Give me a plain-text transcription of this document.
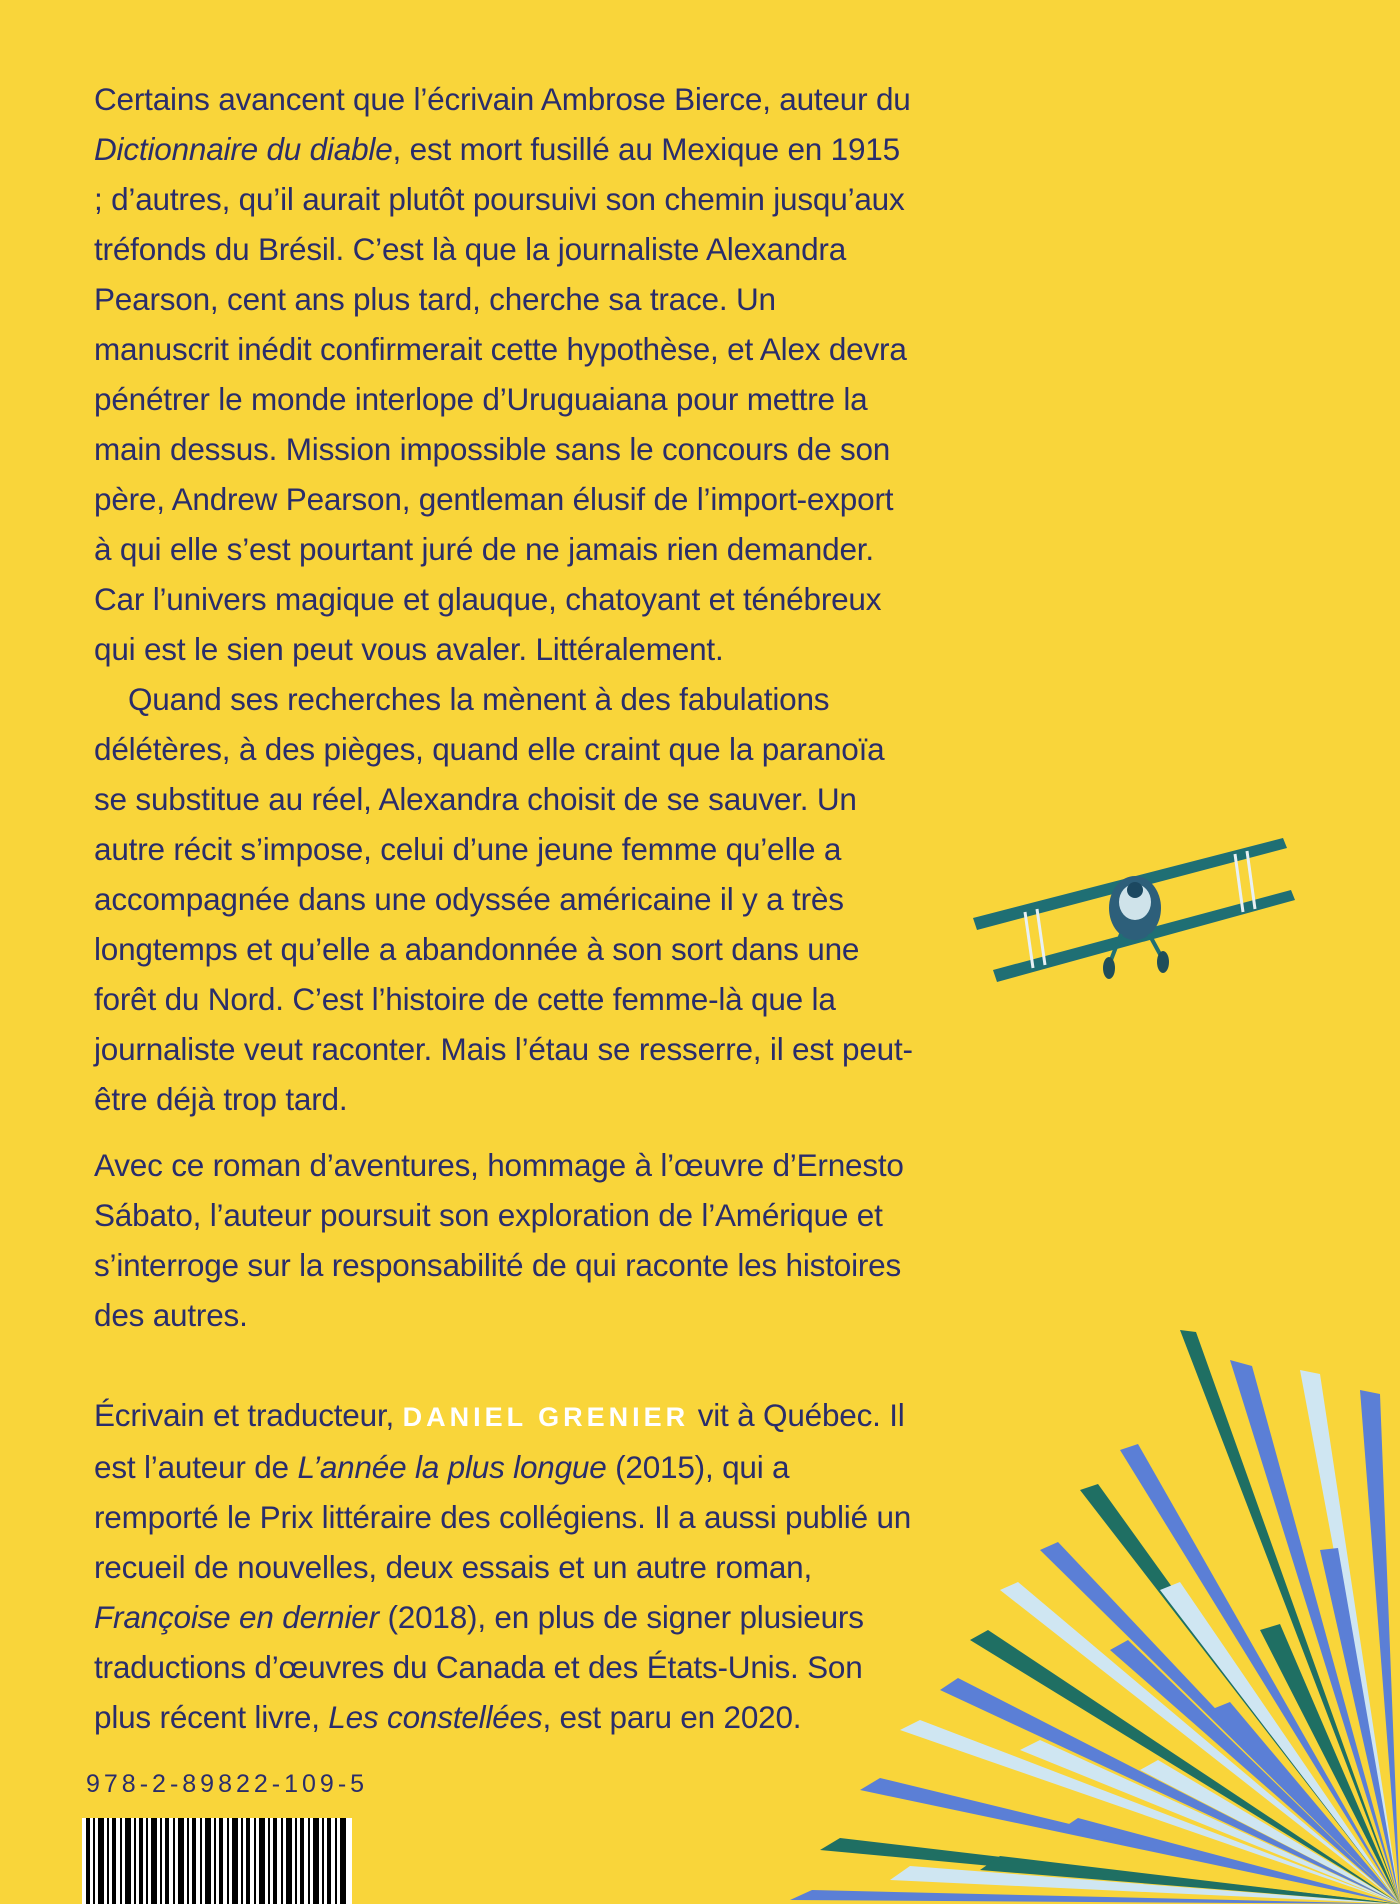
Certains avancent que l’écrivain Ambrose Bierce, auteur du Dictionnaire du diable, est mort fusillé au Mexique en 1915 ; d’autres, qu’il aurait plutôt poursuivi son chemin jusqu’aux tréfonds du Brésil. C’est là que la journaliste Alexandra Pearson, cent ans plus tard, cherche sa trace. Un manuscrit inédit confirmerait cette hypothèse, et Alex devra pénétrer le monde interlope d’Uruguaiana pour mettre la main dessus. Mission impossible sans le concours de son père, Andrew Pearson, gentleman élusif de l’import-export à qui elle s’est pourtant juré de ne jamais rien demander. Car l’univers magique et glauque, chatoyant et ténébreux qui est le sien peut vous avaler. Littéralement.

Quand ses recherches la mènent à des fabulations délétères, à des pièges, quand elle craint que la paranoïa se substitue au réel, Alexandra choisit de se sauver. Un autre récit s’impose, celui d’une jeune femme qu’elle a accompagnée dans une odyssée américaine il y a très longtemps et qu’elle a abandonnée à son sort dans une forêt du Nord. C’est l’histoire de cette femme-là que la journaliste veut raconter. Mais l’étau se resserre, il est peut-être déjà trop tard.

Avec ce roman d’aventures, hommage à l’œuvre d’Ernesto Sábato, l’auteur poursuit son exploration de l’Amérique et s’interroge sur la responsabilité de qui raconte les histoires des autres.

Écrivain et traducteur, DANIEL GRENIER vit à Québec. Il est l’auteur de L’année la plus longue (2015), qui a remporté le Prix littéraire des collégiens. Il a aussi publié un recueil de nouvelles, deux essais et un autre roman, Françoise en dernier (2018), en plus de signer plusieurs traductions d’œuvres du Canada et des États-Unis. Son plus récent livre, Les constellées, est paru en 2020.

978-2-89822-109-5
